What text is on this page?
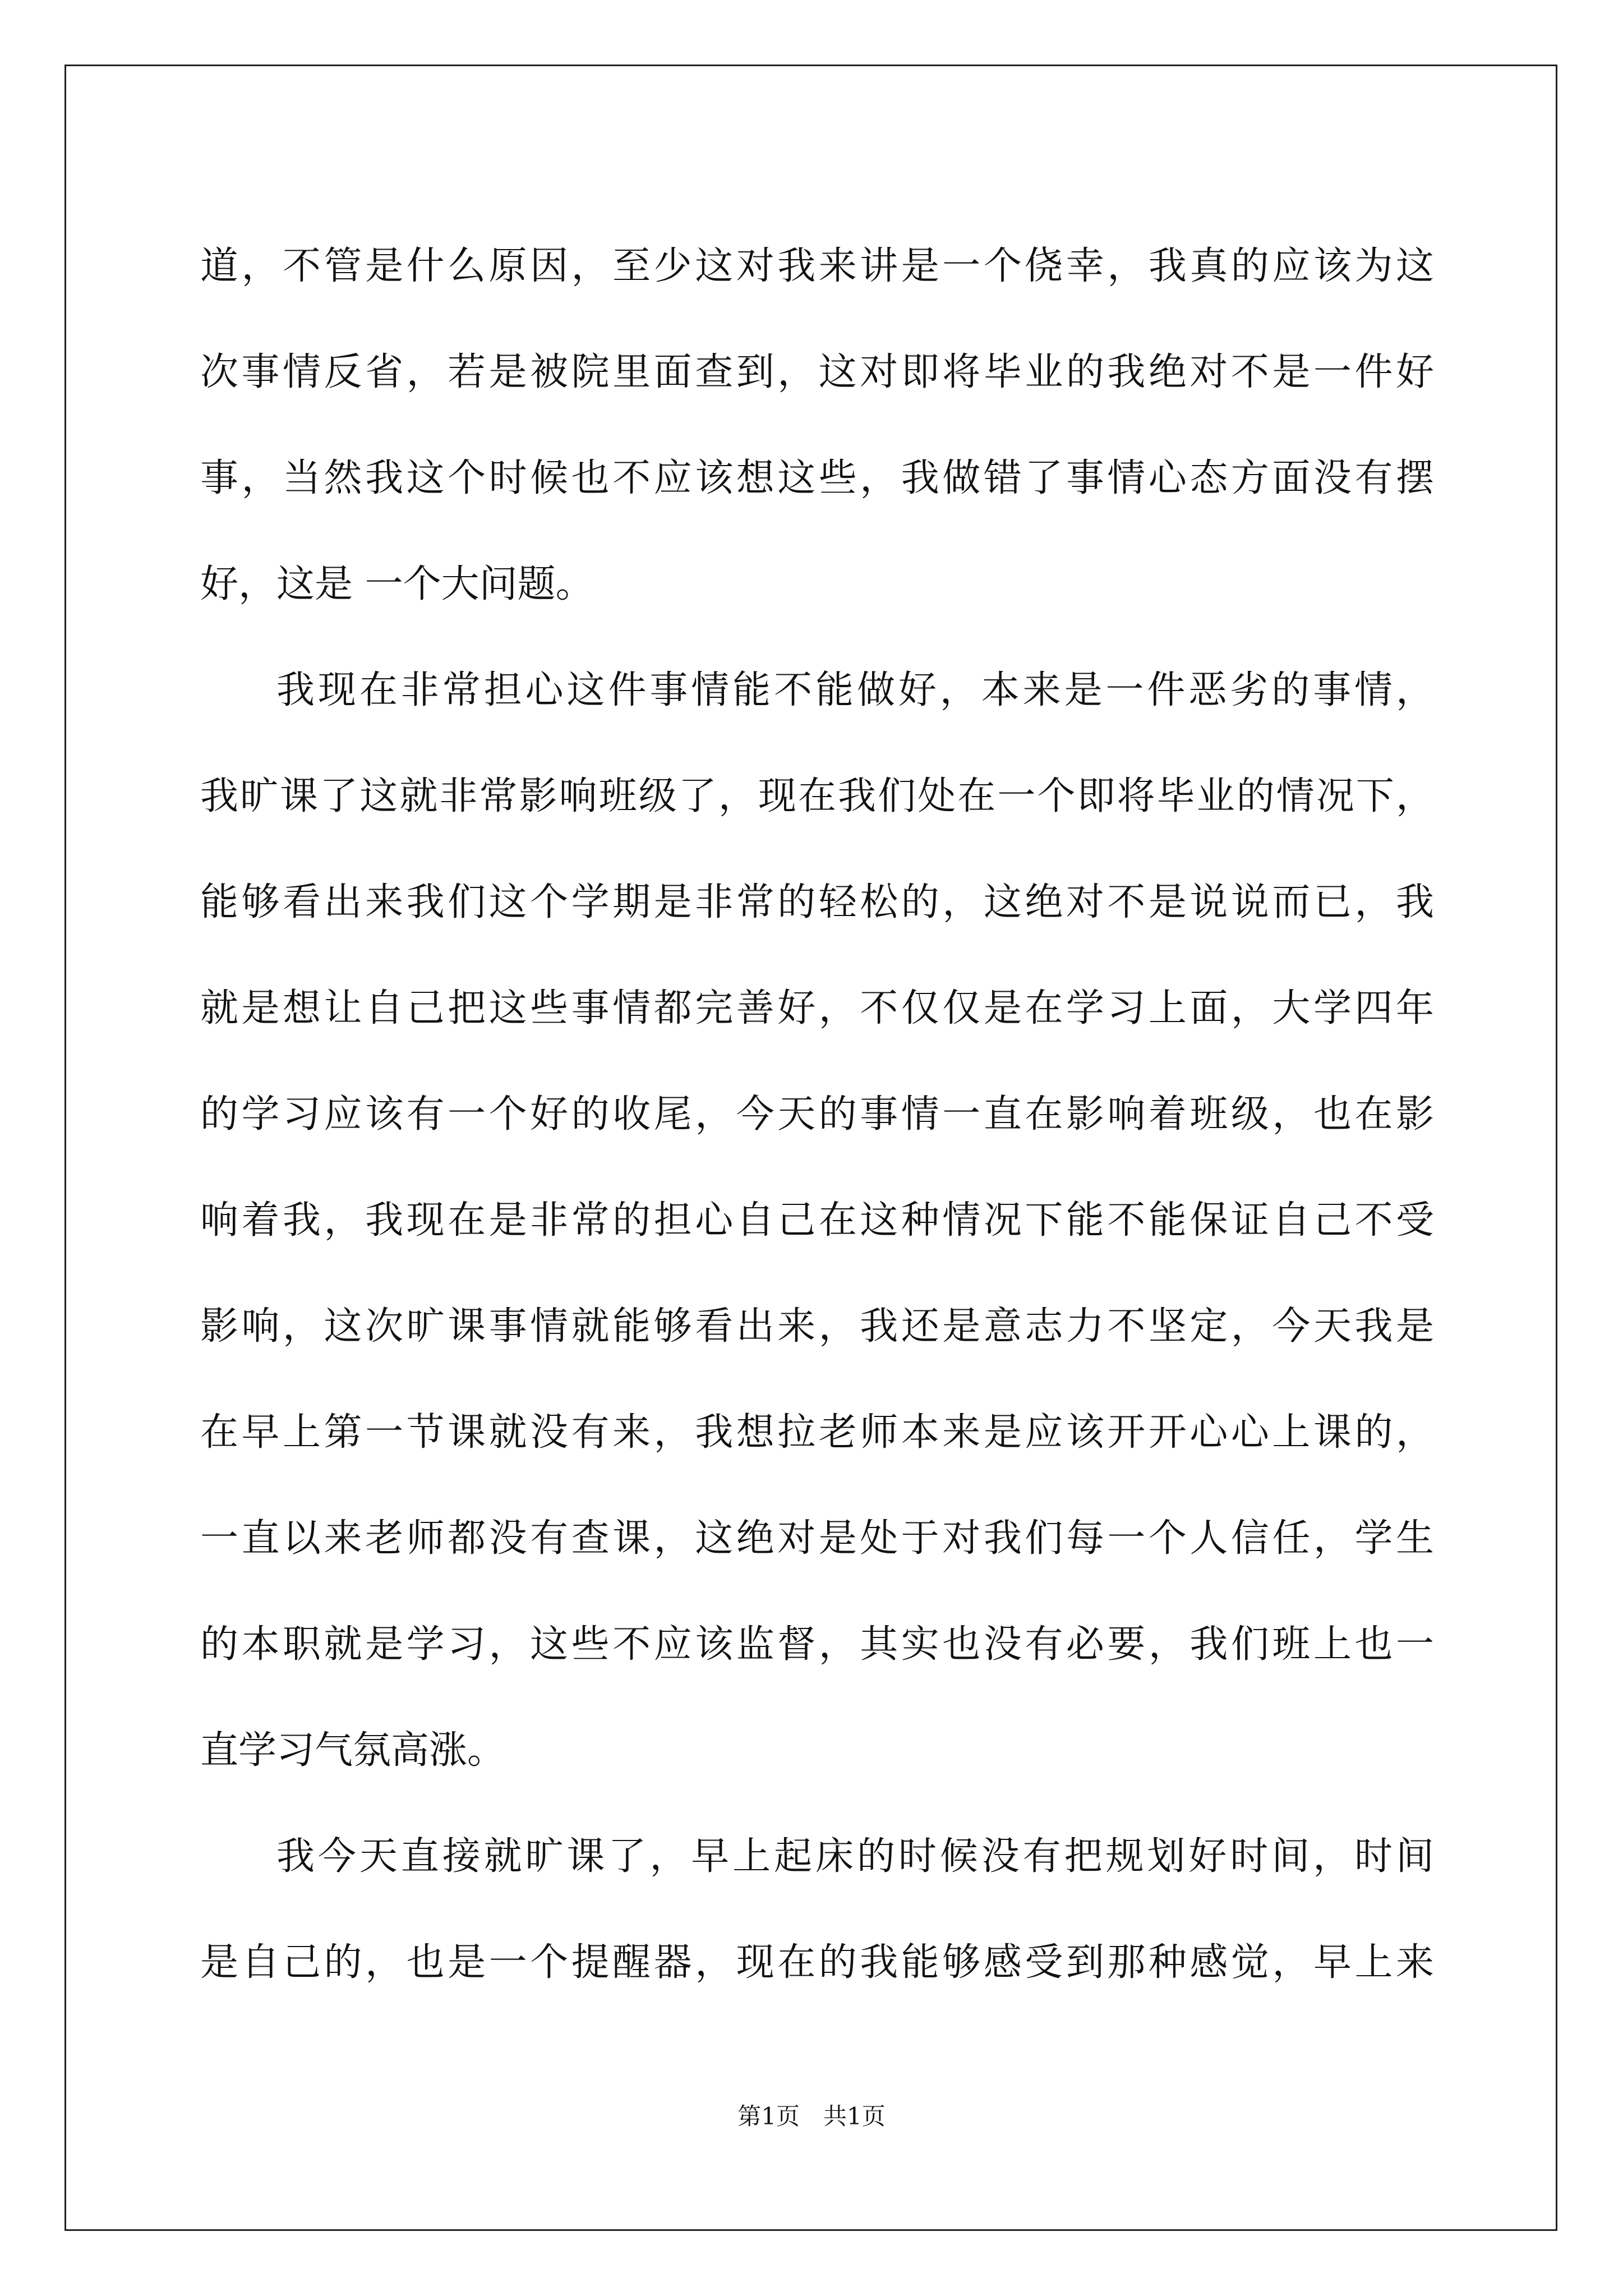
道，不管是什么原因，至少这对我来讲是一个侥幸，我真的应该为这
次事情反省，若是被院里面查到，这对即将毕业的我绝对不是一件好
事，当然我这个时候也不应该想这些，我做错了事情心态方面没有摆
好，这是 一个大问题。
我现在非常担心这件事情能不能做好，本来是一件恶劣的事情，
我旷课了这就非常影响班级了，现在我们处在一个即将毕业的情况下，
能够看出来我们这个学期是非常的轻松的，这绝对不是说说而已，我
就是想让自己把这些事情都完善好，不仅仅是在学习上面，大学四年
的学习应该有一个好的收尾，今天的事情一直在影响着班级，也在影
响着我，我现在是非常的担心自己在这种情况下能不能保证自己不受
影响，这次旷课事情就能够看出来，我还是意志力不坚定，今天我是
在早上第一节课就没有来，我想拉老师本来是应该开开心心上课的，
一直以来老师都没有查课，这绝对是处于对我们每一个人信任，学生
的本职就是学习，这些不应该监督，其实也没有必要，我们班上也一
直学习气氛高涨。
我今天直接就旷课了，早上起床的时候没有把规划好时间，时间
是自己的，也是一个提醒器，现在的我能够感受到那种感觉，早上来
第1页 共1页
